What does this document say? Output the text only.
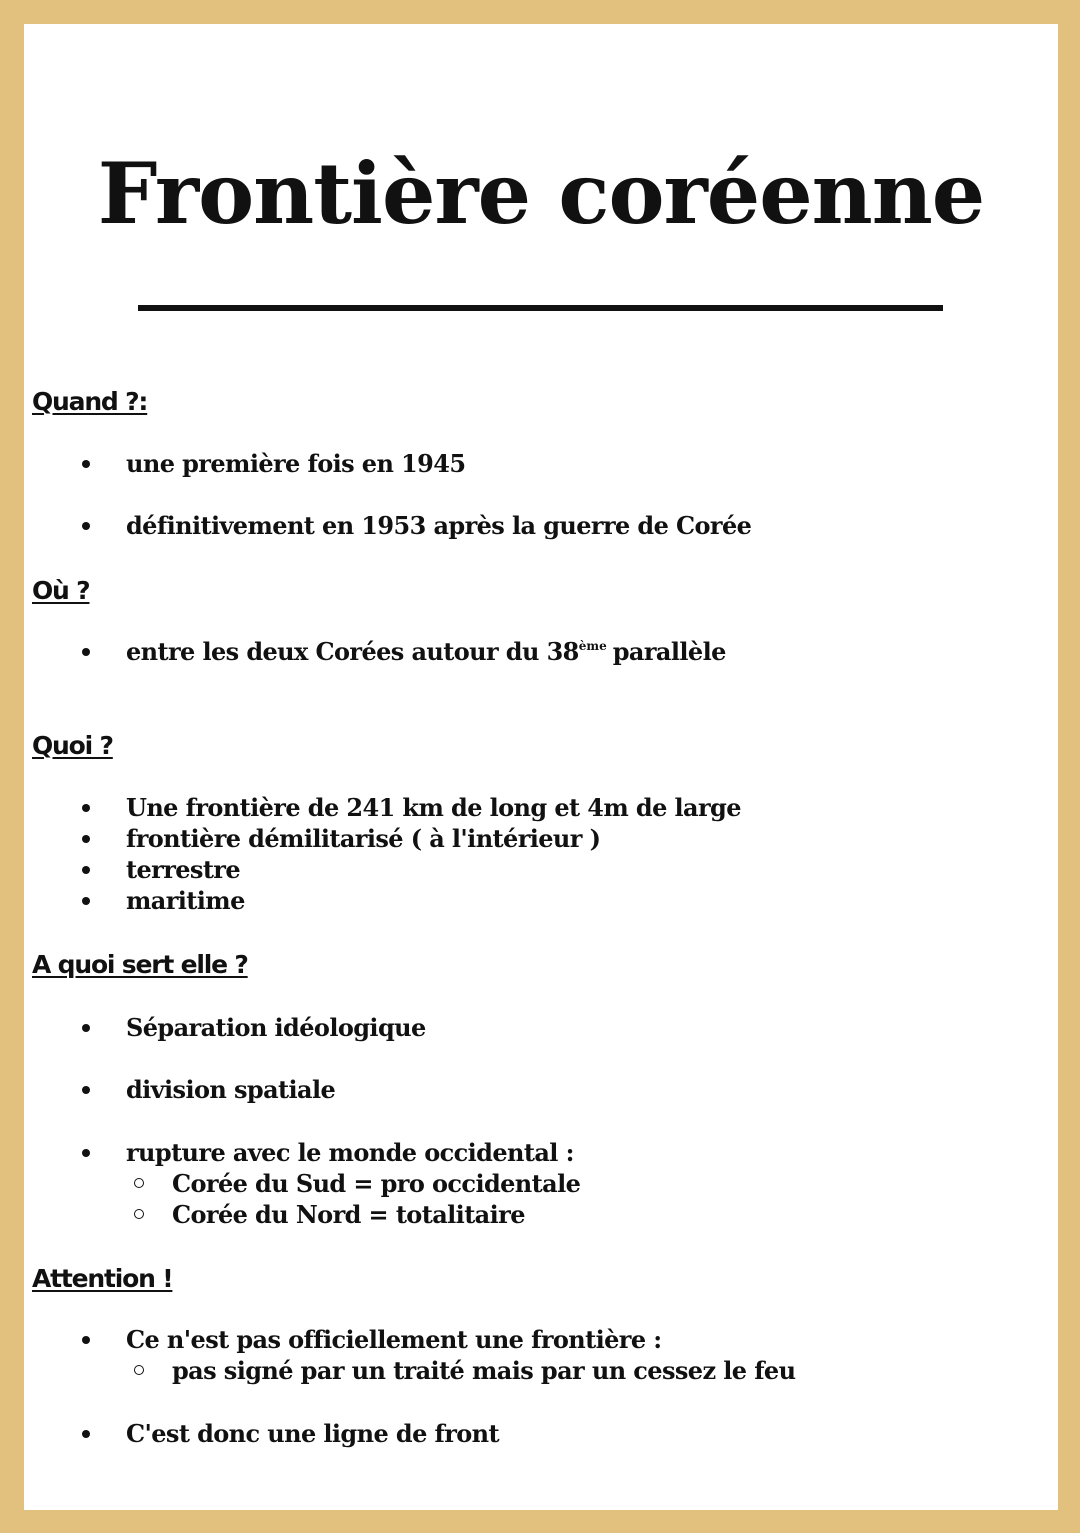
Frontière coréenne
Quand ?:
une première fois en 1945
définitivement en 1953 après la guerre de Corée
Où ?
entre les deux Corées autour du 38ème parallèle
Quoi ?
Une frontière de 241 km de long et 4m de large
frontière démilitarisé ( à l'intérieur )
terrestre
maritime
A quoi sert elle ?
Séparation idéologique
division spatiale
rupture avec le monde occidental :
Corée du Sud = pro occidentale
Corée du Nord = totalitaire
Attention !
Ce n'est pas officiellement une frontière :
pas signé par un traité mais par un cessez le feu
C'est donc une ligne de front
